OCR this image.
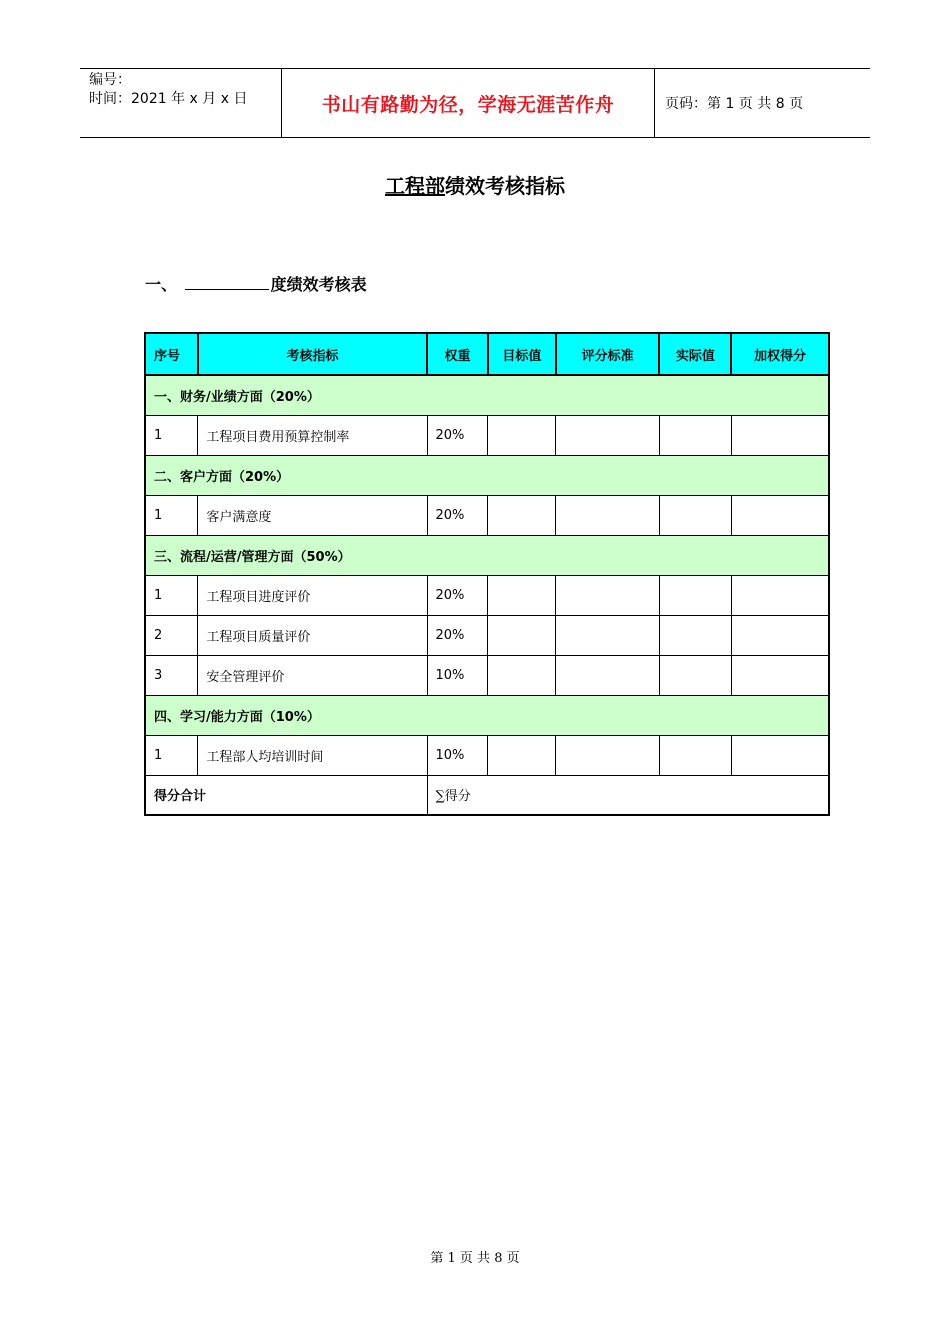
编号：
时间：2021 年 x 月 x 日	书山有路勤为径，学海无涯苦作舟	页码：第 1 页 共 8 页
工程部绩效考核指标
一、	度绩效考核表
序号	考核指标	权重	目标值	评分标准	实际值	加权得分
一、财务/业绩方面（20%）						
1	工程项目费用预算控制率	20%				
二、客户方面（20%）						
1	客户满意度	20%				
三、流程/运营/管理方面（50%）						
1	工程项目进度评价	20%				
2	工程项目质量评价	20%				
3	安全管理评价	10%				
四、学习/能力方面（10%）						
1	工程部人均培训时间	10%				
得分合计		∑得分				
第 1 页 共 8 页
